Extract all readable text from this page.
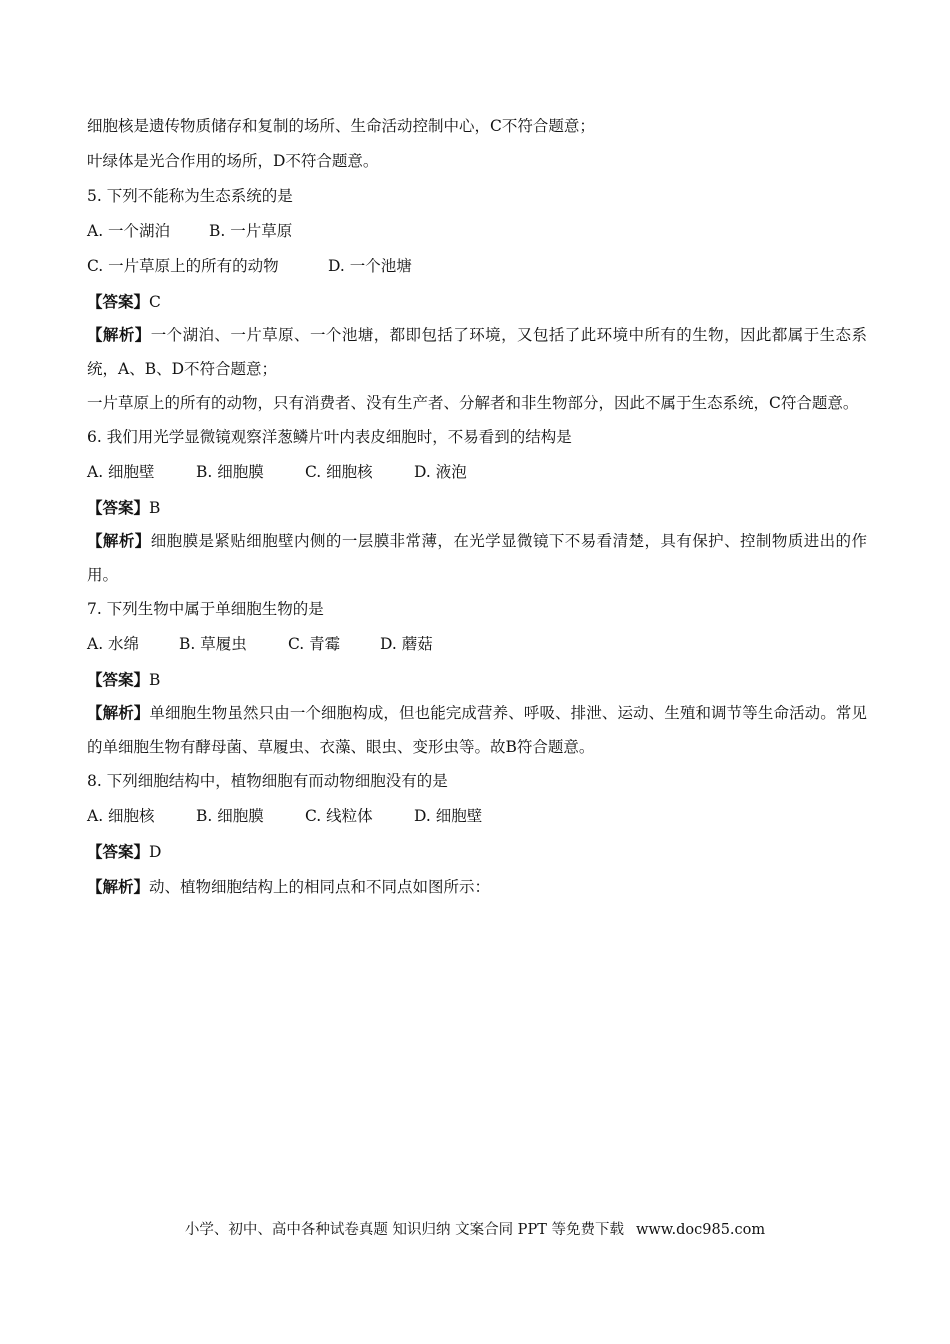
细胞核是遗传物质储存和复制的场所、生命活动控制中心，C不符合题意；

叶绿体是光合作用的场所，D不符合题意。

5. 下列不能称为生态系统的是

A. 一个湖泊	B. 一片草原
C. 一片草原上的所有的动物	D. 一个池塘

【答案】C

【解析】一个湖泊、一片草原、一个池塘，都即包括了环境，又包括了此环境中所有的生物，因此都属于生态系统，A、B、D不符合题意；

一片草原上的所有的动物，只有消费者、没有生产者、分解者和非生物部分，因此不属于生态系统，C符合题意。

6. 我们用光学显微镜观察洋葱鳞片叶内表皮细胞时，不易看到的结构是

A. 细胞壁	B. 细胞膜	C. 细胞核	D. 液泡

【答案】B

【解析】细胞膜是紧贴细胞壁内侧的一层膜非常薄，在光学显微镜下不易看清楚，具有保护、控制物质进出的作用。

7. 下列生物中属于单细胞生物的是

A. 水绵	B. 草履虫	C. 青霉	D. 蘑菇

【答案】B

【解析】单细胞生物虽然只由一个细胞构成，但也能完成营养、呼吸、排泄、运动、生殖和调节等生命活动。常见的单细胞生物有酵母菌、草履虫、衣藻、眼虫、变形虫等。故B符合题意。

8. 下列细胞结构中，植物细胞有而动物细胞没有的是

A. 细胞核	B. 细胞膜	C. 线粒体	D. 细胞壁

【答案】D

【解析】动、植物细胞结构上的相同点和不同点如图所示：

小学、初中、高中各种试卷真题 知识归纳 文案合同 PPT 等免费下载 www.doc985.com
